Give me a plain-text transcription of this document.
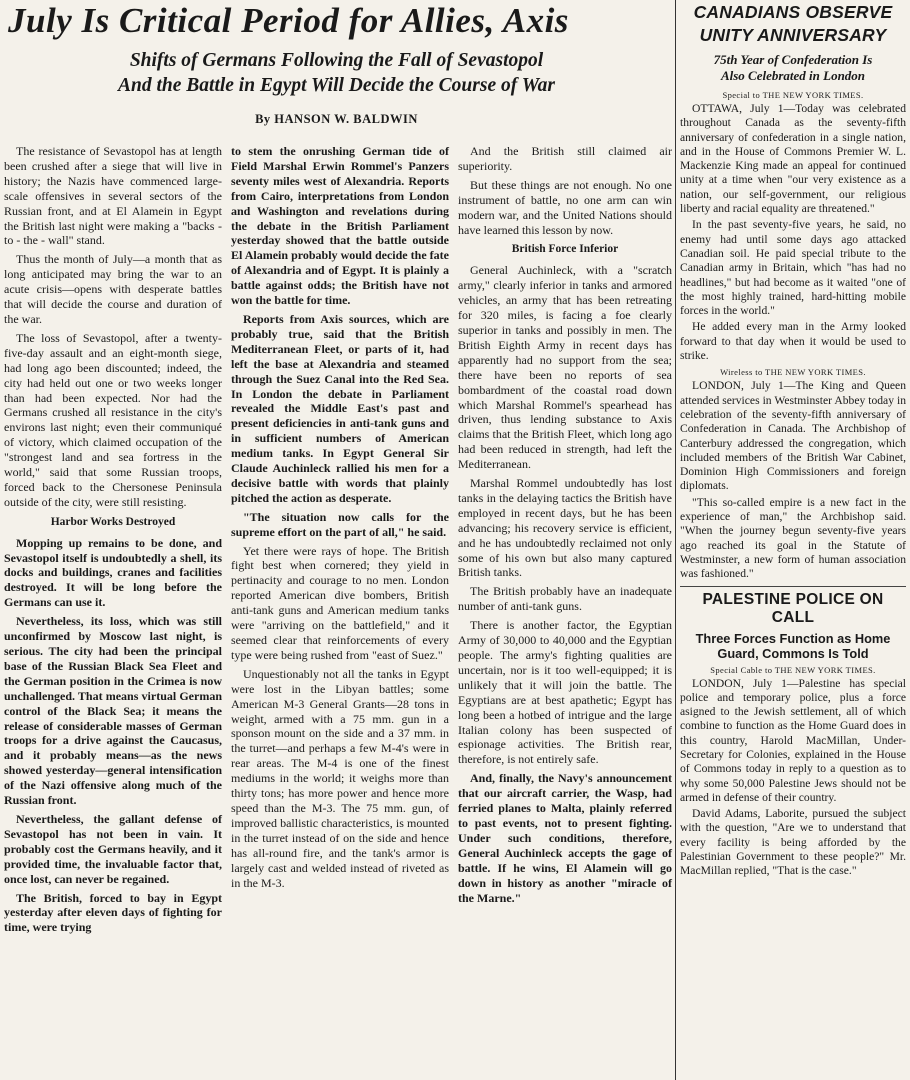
July Is Critical Period for Allies, Axis
Shifts of Germans Following the Fall of Sevastopol
And the Battle in Egypt Will Decide the Course of War
By HANSON W. BALDWIN

The resistance of Sevastopol has at length been crushed after a siege that will live in history; the Nazis have commenced large-scale offensives in several sectors of the Russian front, and at El Alamein in Egypt the British last night were making a "backs - to - the - wall" stand.

Thus the month of July—a month that as long anticipated may bring the war to an acute crisis—opens with desperate battles that will decide the course and duration of the war.

The loss of Sevastopol, after a twenty-five-day assault and an eight-month siege, had long ago been discounted; indeed, the city had held out one or two weeks longer than had been expected. Nor had the Germans crushed all resistance in the city's environs last night; even their communiqué of victory, which claimed occupation of the "strongest land and sea fortress in the world," said that some Russian troops, forced back to the Chersonese Peninsula outside of the city, were still resisting.

Harbor Works Destroyed

Mopping up remains to be done, and Sevastopol itself is undoubtedly a shell, its docks and buildings, cranes and facilities destroyed. It will be long before the Germans can use it.

Nevertheless, its loss, which was still unconfirmed by Moscow last night, is serious. The city had been the principal base of the Russian Black Sea Fleet and the German position in the Crimea is now unchallenged. That means virtual German control of the Black Sea; it means the release of considerable masses of German troops for a drive against the Caucasus, and it probably means—as the news showed yesterday—general intensification of the Nazi offensive along much of the Russian front.

Nevertheless, the gallant defense of Sevastopol has not been in vain. It probably cost the Germans heavily, and it provided time, the invaluable factor that, once lost, can never be regained.

The British, forced to bay in Egypt yesterday after eleven days of fighting for time, were trying

to stem the onrushing German tide of Field Marshal Erwin Rommel's Panzers seventy miles west of Alexandria. Reports from Cairo, interpretations from London and Washington and revelations during the debate in the British Parliament yesterday showed that the battle outside El Alamein probably would decide the fate of Alexandria and of Egypt. It is plainly a battle against odds; the British have not won the battle for time.

Reports from Axis sources, which are probably true, said that the British Mediterranean Fleet, or parts of it, had left the base at Alexandria and steamed through the Suez Canal into the Red Sea. In London the debate in Parliament revealed the Middle East's past and present deficiencies in anti-tank guns and in sufficient numbers of American medium tanks. In Egypt General Sir Claude Auchinleck rallied his men for a decisive battle with words that plainly pitched the action as desperate.

"The situation now calls for the supreme effort on the part of all," he said.

Yet there were rays of hope. The British fight best when cornered; they yield in pertinacity and courage to no men. London reported American dive bombers, British anti-tank guns and American medium tanks were "arriving on the battlefield," and it seemed clear that reinforcements of every type were being rushed from "east of Suez."

Unquestionably not all the tanks in Egypt were lost in the Libyan battles; some American M-3 General Grants—28 tons in weight, armed with a 75 mm. gun in a sponson mount on the side and a 37 mm. in the turret—and perhaps a few M-4's were in rear areas. The M-4 is one of the finest mediums in the world; it weighs more than thirty tons; has more power and hence more speed than the M-3. The 75 mm. gun, of improved ballistic characteristics, is mounted in the turret instead of on the side and hence has all-round fire, and the tank's armor is largely cast and welded instead of riveted as in the M-3.

And the British still claimed air superiority.

But these things are not enough. No one instrument of battle, no one arm can win modern war, and the United Nations should have learned this lesson by now.

British Force Inferior

General Auchinleck, with a "scratch army," clearly inferior in tanks and armored vehicles, an army that has been retreating for 320 miles, is facing a foe clearly superior in tanks and possibly in men. The British Eighth Army in recent days has apparently had no support from the sea; there have been no reports of sea bombardment of the coastal road down which Marshal Rommel's spearhead has driven, thus lending substance to Axis claims that the British Fleet, which long ago had been reduced in strength, had left the Mediterranean.

Marshal Rommel undoubtedly has lost tanks in the delaying tactics the British have employed in recent days, but he has been advancing; his recovery service is efficient, and he has undoubtedly reclaimed not only some of his own but also many captured British tanks.

The British probably have an inadequate number of anti-tank guns.

There is another factor, the Egyptian Army of 30,000 to 40,000 and the Egyptian people. The army's fighting qualities are uncertain, nor is it too well-equipped; it is unlikely that it will join the battle. The Egyptians are at best apathetic; Egypt has long been a hotbed of intrigue and the large Italian colony has been suspected of espionage activities. The British rear, therefore, is not entirely safe.

And, finally, the Navy's announcement that our aircraft carrier, the Wasp, had ferried planes to Malta, plainly referred to past events, not to present fighting. Under such conditions, therefore, General Auchinleck accepts the gage of battle. If he wins, El Alamein will go down in history as another "miracle of the Marne."

CANADIANS OBSERVE
UNITY ANNIVERSARY
75th Year of Confederation Is
Also Celebrated in London
Special to THE NEW YORK TIMES.

OTTAWA, July 1—Today was celebrated throughout Canada as the seventy-fifth anniversary of confederation in a single nation, and in the House of Commons Premier W. L. Mackenzie King made an appeal for continued unity at a time when "our very existence as a nation, our self-government, our religious liberty and racial equality are threatened."

In the past seventy-five years, he said, no enemy had until some days ago attacked Canadian soil. He paid special tribute to the Canadian army in Britain, which "has had no headlines," but had become as it waited "one of the most highly trained, hard-hitting mobile forces in the world."

He added every man in the Army looked forward to that day when it would be used to strike.

Wireless to THE NEW YORK TIMES.

LONDON, July 1—The King and Queen attended services in Westminster Abbey today in celebration of the seventy-fifth anniversary of Confederation in Canada. The Archbishop of Canterbury addressed the congregation, which included members of the British War Cabinet, Dominion High Commissioners and foreign diplomats.

"This so-called empire is a new fact in the experience of man," the Archbishop said. "When the journey begun seventy-five years ago reached its goal in the Statute of Westminster, a new form of human association was fashioned."

PALESTINE POLICE ON CALL
Three Forces Function as Home
Guard, Commons Is Told
Special Cable to THE NEW YORK TIMES.

LONDON, July 1—Palestine has special police and temporary police, plus a force asigned to the Jewish settlement, all of which combine to function as the Home Guard does in this country, Harold MacMillan, Under-Secretary for Colonies, explained in the House of Commons today in reply to a question as to why some 50,000 Palestine Jews should not be armed in defense of their country.

David Adams, Laborite, pursued the subject with the question, "Are we to understand that every facility is being afforded by the Palestinian Government to these people?" Mr. MacMillan replied, "That is the case."
